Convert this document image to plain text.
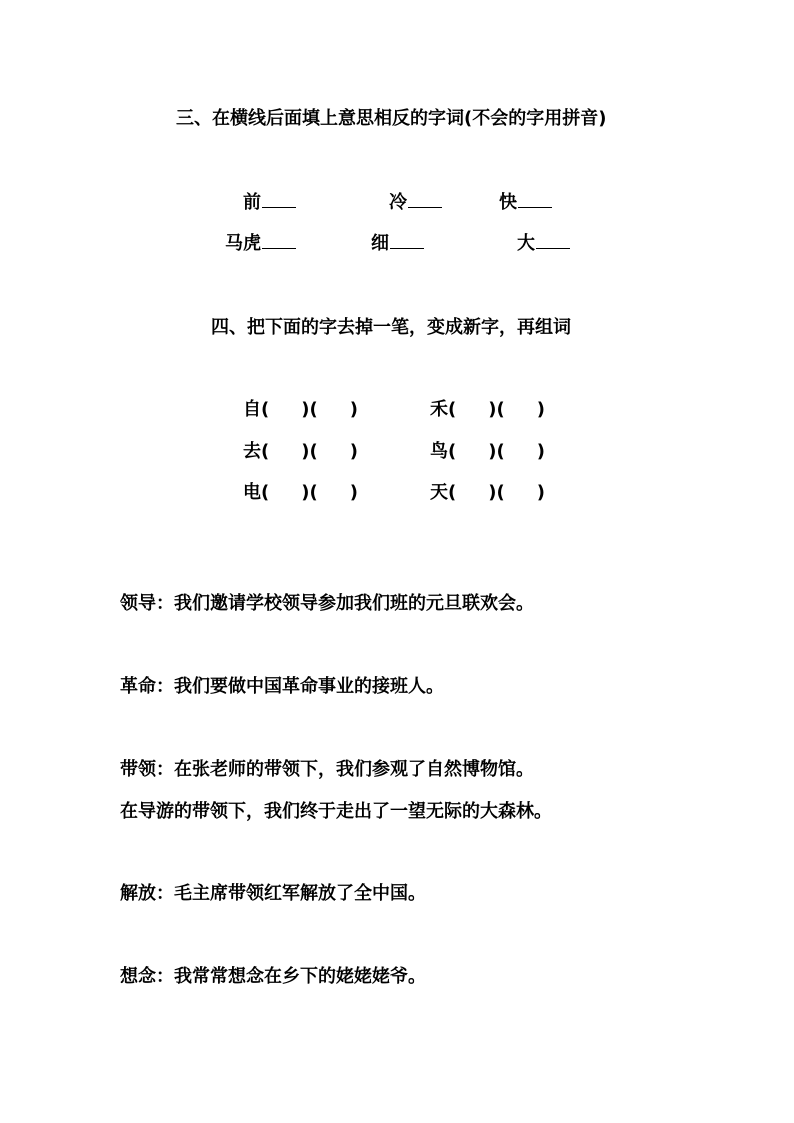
三、在横线后面填上意思相反的字词(不会的字用拼音)
前	冷	快
马虎	细	大
四、把下面的字去掉一笔，变成新字，再组词
自( )( )	禾( )( )
去( )( )	鸟( )( )
电( )( )	天( )( )
领导：我们邀请学校领导参加我们班的元旦联欢会。
革命：我们要做中国革命事业的接班人。
带领：在张老师的带领下，我们参观了自然博物馆。
在导游的带领下，我们终于走出了一望无际的大森林。
解放：毛主席带领红军解放了全中国。
想念：我常常想念在乡下的姥姥姥爷。
